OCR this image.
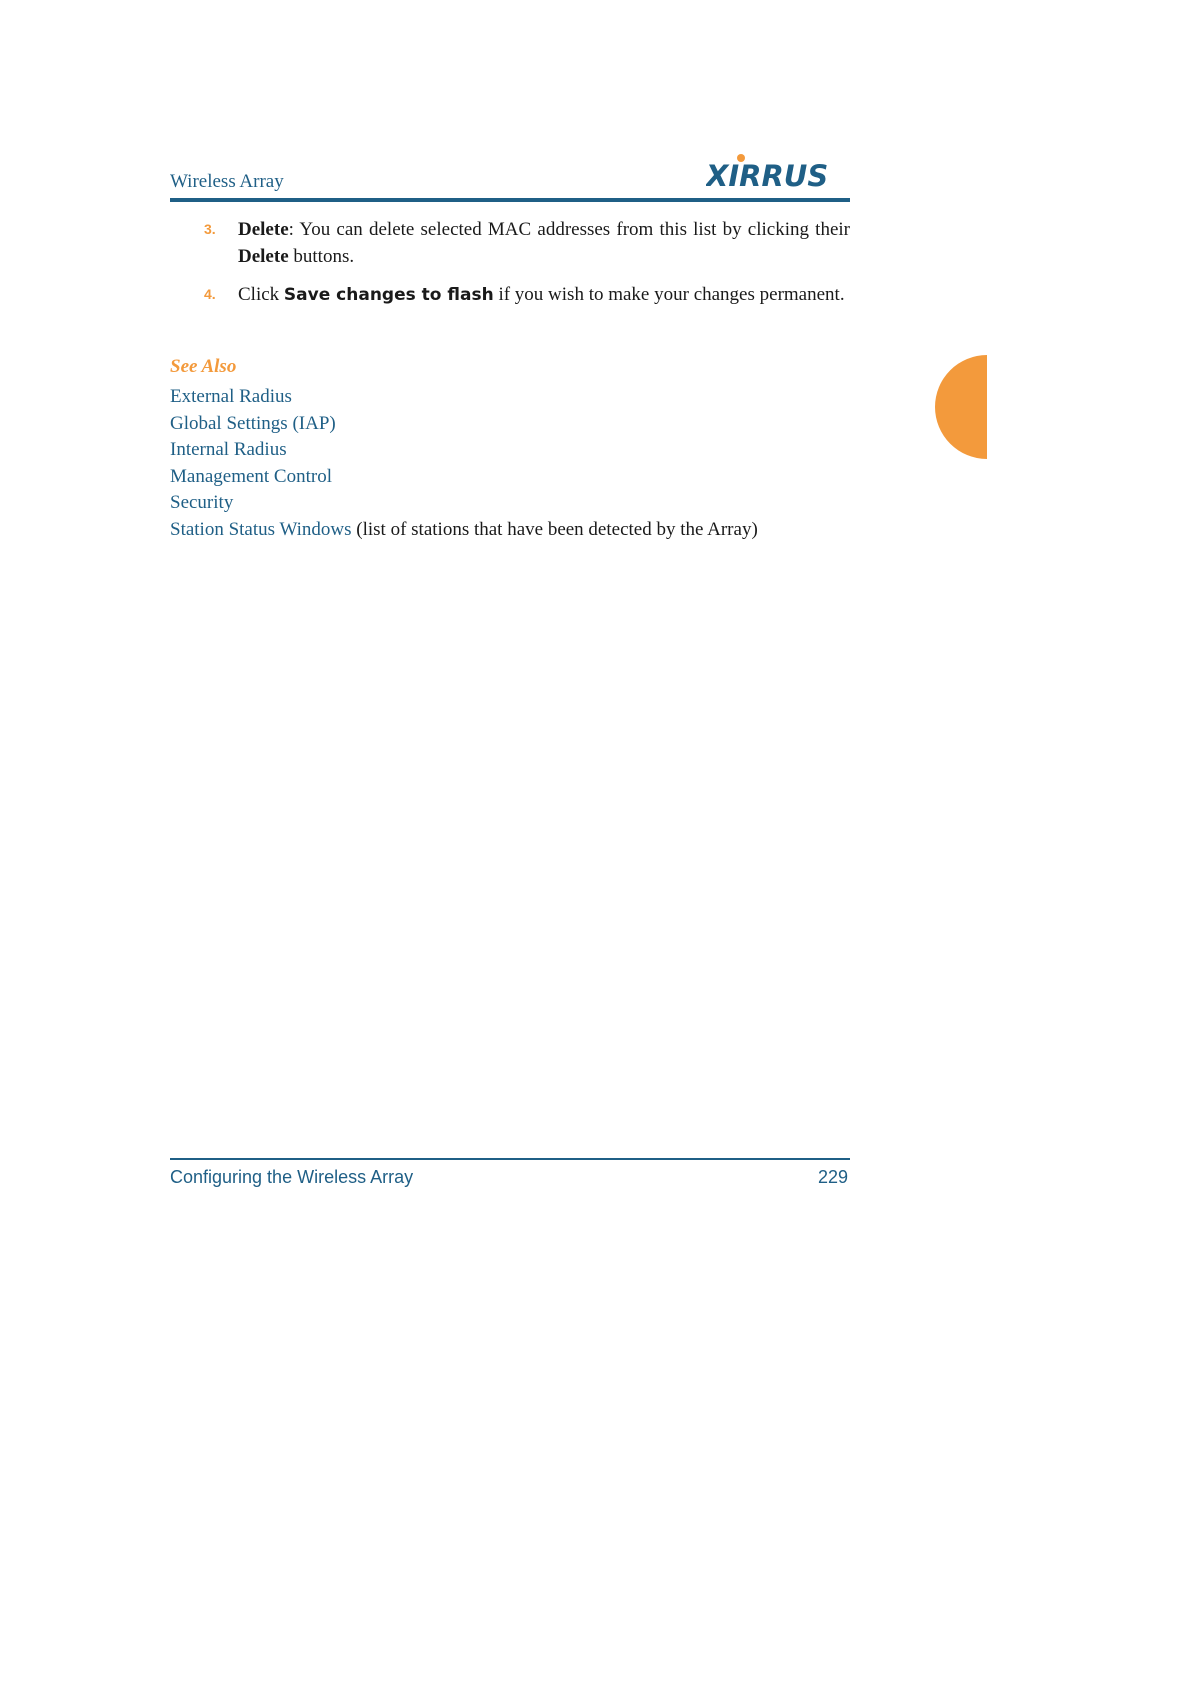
Wireless Array	XIRRUS
3. Delete: You can delete selected MAC addresses from this list by clicking their Delete buttons.
4. Click Save changes to flash if you wish to make your changes permanent.
See Also
External Radius
Global Settings (IAP)
Internal Radius
Management Control
Security
Station Status Windows (list of stations that have been detected by the Array)
Configuring the Wireless Array	229
